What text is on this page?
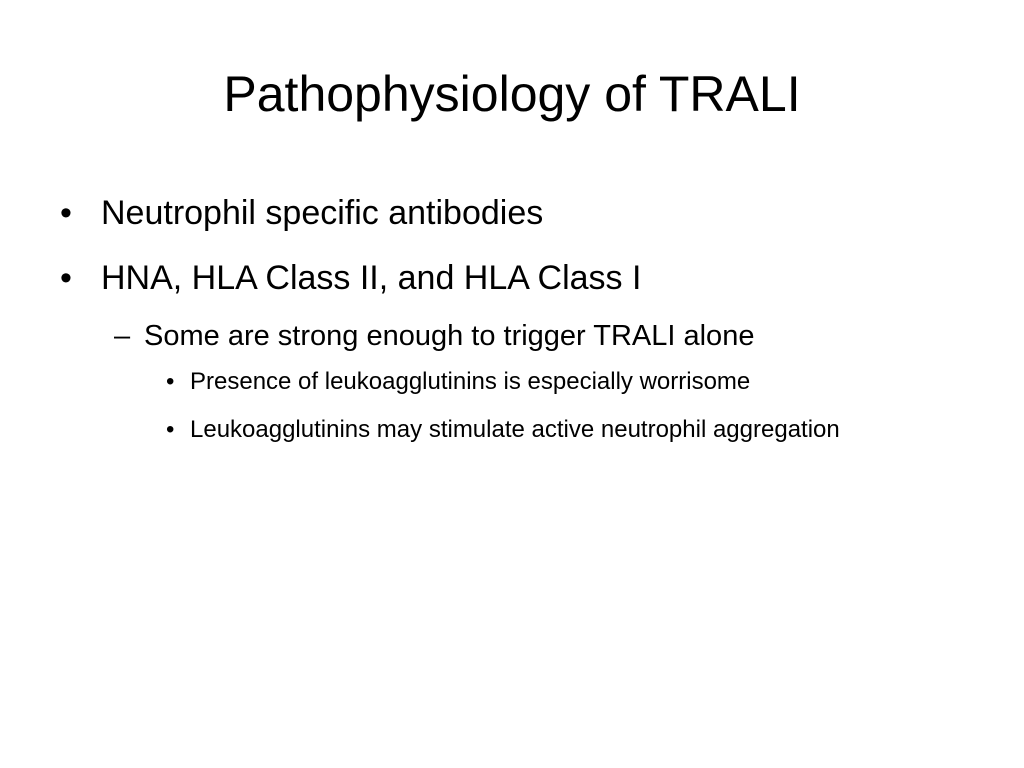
Pathophysiology of TRALI
• Neutrophil specific antibodies
• HNA, HLA Class II, and HLA Class I
– Some are strong enough to trigger TRALI alone
• Presence of leukoagglutinins is especially worrisome
• Leukoagglutinins may stimulate active neutrophil aggregation
